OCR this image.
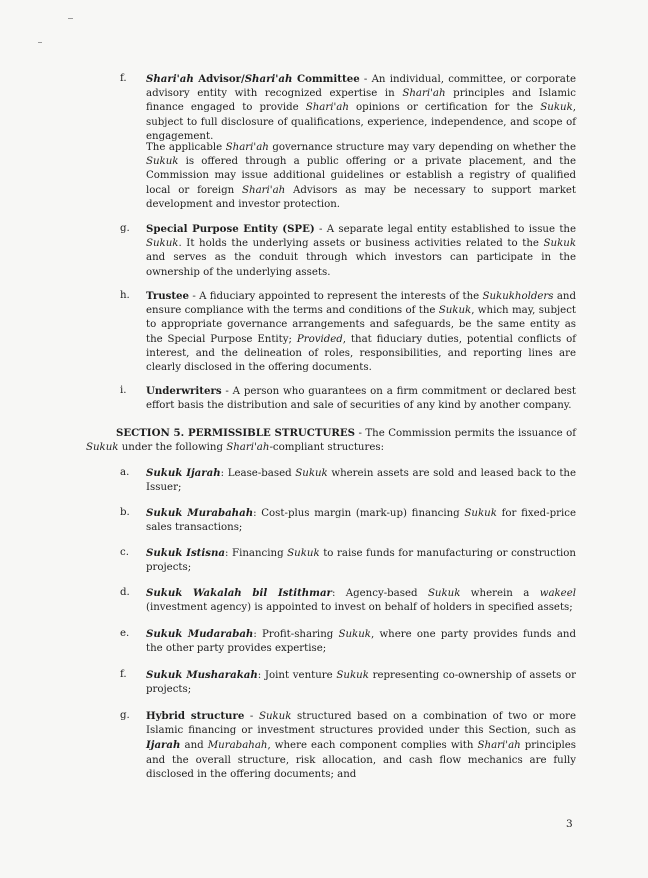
f. Shari'ah Advisor/Shari'ah Committee - An individual, committee, or corporate advisory entity with recognized expertise in Shari'ah principles and Islamic finance engaged to provide Shari'ah opinions or certification for the Sukuk, subject to full disclosure of qualifications, experience, independence, and scope of engagement.
The applicable Shari'ah governance structure may vary depending on whether the Sukuk is offered through a public offering or a private placement, and the Commission may issue additional guidelines or establish a registry of qualified local or foreign Shari'ah Advisors as may be necessary to support market development and investor protection.
g. Special Purpose Entity (SPE) - A separate legal entity established to issue the Sukuk. It holds the underlying assets or business activities related to the Sukuk and serves as the conduit through which investors can participate in the ownership of the underlying assets.
h. Trustee - A fiduciary appointed to represent the interests of the Sukukholders and ensure compliance with the terms and conditions of the Sukuk, which may, subject to appropriate governance arrangements and safeguards, be the same entity as the Special Purpose Entity; Provided, that fiduciary duties, potential conflicts of interest, and the delineation of roles, responsibilities, and reporting lines are clearly disclosed in the offering documents.
i. Underwriters - A person who guarantees on a firm commitment or declared best effort basis the distribution and sale of securities of any kind by another company.
SECTION 5. PERMISSIBLE STRUCTURES - The Commission permits the issuance of Sukuk under the following Shari'ah-compliant structures:
a. Sukuk Ijarah: Lease-based Sukuk wherein assets are sold and leased back to the Issuer;
b. Sukuk Murabahah: Cost-plus margin (mark-up) financing Sukuk for fixed-price sales transactions;
c. Sukuk Istisna: Financing Sukuk to raise funds for manufacturing or construction projects;
d. Sukuk Wakalah bil Istithmar: Agency-based Sukuk wherein a wakeel (investment agency) is appointed to invest on behalf of holders in specified assets;
e. Sukuk Mudarabah: Profit-sharing Sukuk, where one party provides funds and the other party provides expertise;
f. Sukuk Musharakah: Joint venture Sukuk representing co-ownership of assets or projects;
g. Hybrid structure - Sukuk structured based on a combination of two or more Islamic financing or investment structures provided under this Section, such as Ijarah and Murabahah, where each component complies with Shari'ah principles and the overall structure, risk allocation, and cash flow mechanics are fully disclosed in the offering documents; and
3
